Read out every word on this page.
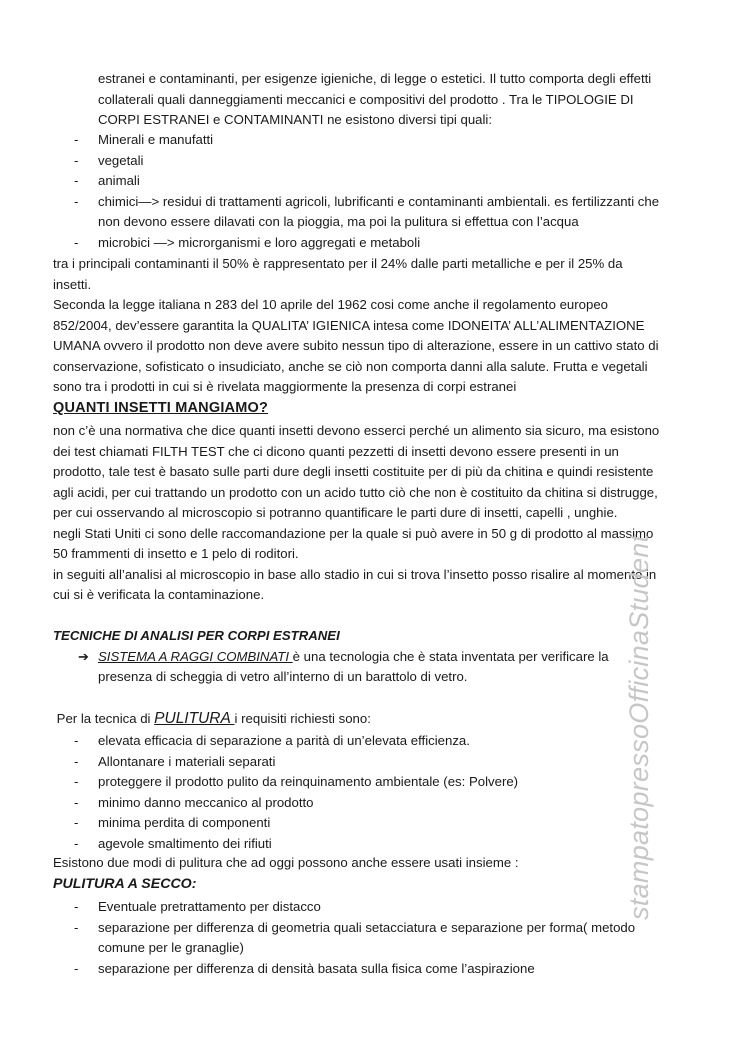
estranei e contaminanti, per esigenze igieniche, di legge o estetici. Il tutto comporta degli effetti
collaterali quali danneggiamenti meccanici e compositivi del prodotto . Tra le TIPOLOGIE DI
CORPI ESTRANEI e CONTAMINANTI ne esistono diversi tipi quali:
- Minerali e manufatti
- vegetali
- animali
- chimici—> residui di trattamenti agricoli, lubrificanti e contaminanti ambientali. es fertilizzanti che
non devono essere dilavati con la pioggia, ma poi la pulitura si effettua con l’acqua
- microbici —> microrganismi e loro aggregati e metaboli
tra i principali contaminanti il 50% è rappresentato per il 24% dalle parti metalliche e per il 25% da
insetti.
Seconda la legge italiana n 283 del 10 aprile del 1962 cosi come anche il regolamento europeo
852/2004, dev’essere garantita la QUALITA’ IGIENICA intesa come IDONEITA’ ALL’ALIMENTAZIONE
UMANA ovvero il prodotto non deve avere subito nessun tipo di alterazione, essere in un cattivo stato di
conservazione, sofisticato o insudiciato, anche se ciò non comporta danni alla salute. Frutta e vegetali
sono tra i prodotti in cui si è rivelata maggiormente la presenza di corpi estranei
QUANTI INSETTI MANGIAMO?
non c’è una normativa che dice quanti insetti devono esserci perché un alimento sia sicuro, ma esistono
dei test chiamati FILTH TEST che ci dicono quanti pezzetti di insetti devono essere presenti in un
prodotto, tale test è basato sulle parti dure degli insetti costituite per di più da chitina e quindi resistente
agli acidi, per cui trattando un prodotto con un acido tutto ciò che non è costituito da chitina si distrugge,
per cui osservando al microscopio si potranno quantificare le parti dure di insetti, capelli , unghie.
negli Stati Uniti ci sono delle raccomandazione per la quale si può avere in 50 g di prodotto al massimo
50 frammenti di insetto e 1 pelo di roditori.
in seguiti all’analisi al microscopio in base allo stadio in cui si trova l’insetto posso risalire al momento in
cui si è verificata la contaminazione.
TECNICHE DI ANALISI PER CORPI ESTRANEI
➔ SISTEMA A RAGGI COMBINATI è una tecnologia che è stata inventata per verificare la
presenza di scheggia di vetro all’interno di un barattolo di vetro.
Per la tecnica di PULITURA i requisiti richiesti sono:
- elevata efficacia di separazione a parità di un’elevata efficienza.
- Allontanare i materiali separati
- proteggere il prodotto pulito da reinquinamento ambientale (es: Polvere)
- minimo danno meccanico al prodotto
- minima perdita di componenti
- agevole smaltimento dei rifiuti
Esistono due modi di pulitura che ad oggi possono anche essere usati insieme :
PULITURA A SECCO:
- Eventuale pretrattamento per distacco
- separazione per differenza di geometria quali setacciatura e separazione per forma( metodo
comune per le granaglie)
- separazione per differenza di densità basata sulla fisica come l’aspirazione
stampatopressoOfficinaStudent
